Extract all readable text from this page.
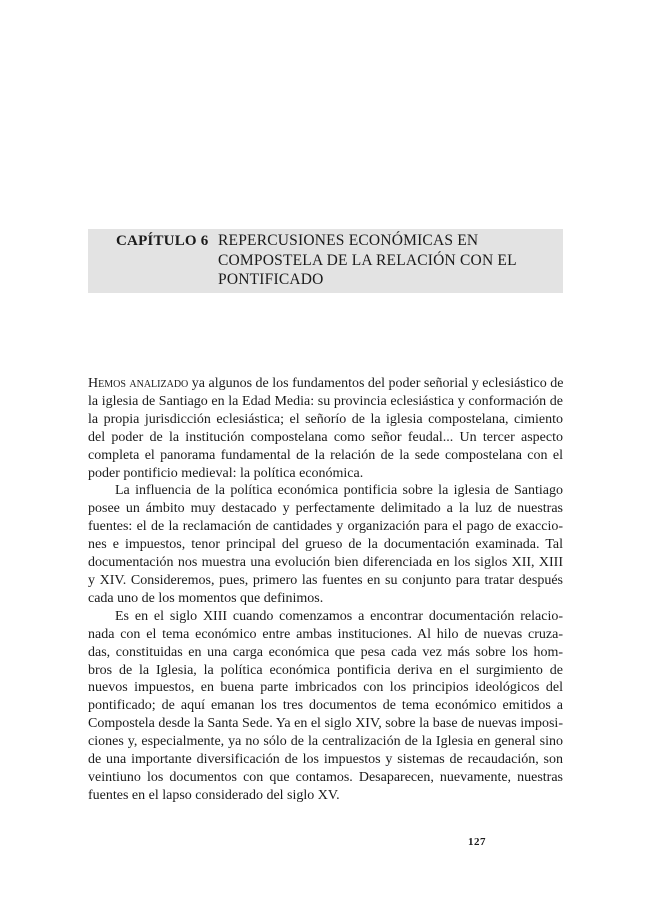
CAPÍTULO 6 REPERCUSIONES ECONÓMICAS EN
COMPOSTELA DE LA RELACIÓN CON EL
PONTIFICADO

Hemos analizado ya algunos de los fundamentos del poder señorial y eclesiástico de
la iglesia de Santiago en la Edad Media: su provincia eclesiástica y conformación de
la propia jurisdicción eclesiástica; el señorío de la iglesia compostelana, cimiento
del poder de la institución compostelana como señor feudal... Un tercer aspecto
completa el panorama fundamental de la relación de la sede compostelana con el
poder pontificio medieval: la política económica.

La influencia de la política económica pontificia sobre la iglesia de Santiago
posee un ámbito muy destacado y perfectamente delimitado a la luz de nuestras
fuentes: el de la reclamación de cantidades y organización para el pago de exaccio-
nes e impuestos, tenor principal del grueso de la documentación examinada. Tal
documentación nos muestra una evolución bien diferenciada en los siglos XII, XIII
y XIV. Consideremos, pues, primero las fuentes en su conjunto para tratar después
cada uno de los momentos que definimos.

Es en el siglo XIII cuando comenzamos a encontrar documentación relacio-
nada con el tema económico entre ambas instituciones. Al hilo de nuevas cruza-
das, constituidas en una carga económica que pesa cada vez más sobre los hom-
bros de la Iglesia, la política económica pontificia deriva en el surgimiento de
nuevos impuestos, en buena parte imbricados con los principios ideológicos del
pontificado; de aquí emanan los tres documentos de tema económico emitidos a
Compostela desde la Santa Sede. Ya en el siglo XIV, sobre la base de nuevas imposi-
ciones y, especialmente, ya no sólo de la centralización de la Iglesia en general sino
de una importante diversificación de los impuestos y sistemas de recaudación, son
veintiuno los documentos con que contamos. Desaparecen, nuevamente, nuestras
fuentes en el lapso considerado del siglo XV.

127
